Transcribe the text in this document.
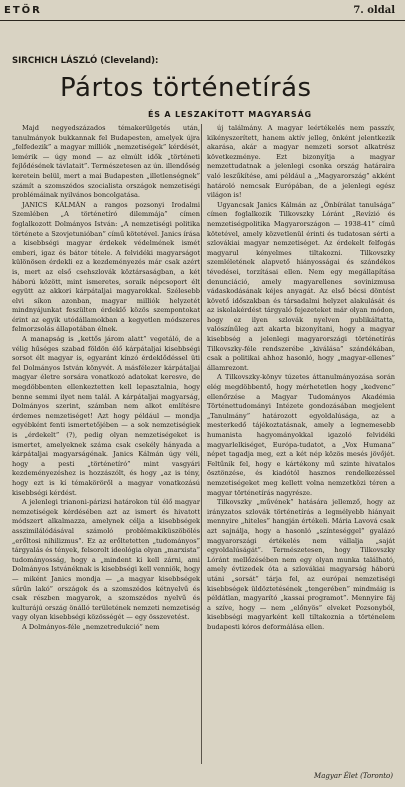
ETÖR	7. oldal
SIRCHICH LÁSZLÓ (Cleveland):
Pártos történetírás
ÉS A LESZAKÍTOTT MAGYARSÁG

Majd negyedszázados témakerülgetés után, tanulmányok bukkannak fel Budapesten, amelyek újra „felfedezik” a magyar milliók „nemzetiségek” kérdését, lemérik — úgy mond — az elmúlt idők „történeti fejlődésének távlatait”. Természetesen az ún. illendőség keretein belül, mert a mai Budapesten „illetlenségnek” számít a szomszédos szocialista országok nemzetiségi problémáinak nyilvános boncolgatása.

JANICS KÁLMÁN a rangos pozsonyi Irodalmi Szemlében „A történetíró dilemmája” címen foglalkozott Dolmányos István: „A nemzetiségi politika története a Szovjetunióban” című kötetével. Janics írása a kisebbségi magyar érdekek védelmének ismét emberi, igaz és bátor tétele. A felvidéki magyarságot különösen érdekli ez a kezdeményezés már csak azért is, mert az első csehszlovák köztársaságban, a két háború között, mint ismeretes, soraik népcsoport élt együtt az akkori kárpátaljai magyarokkal. Szélesebb elvi síkon azonban, magyar milliók helyzetét mindnyájunkat feszülten érdeklő közös szempontokat érint az egyik utódállamokban a kegyetlen módszeres felmorzsolás állapotában élnek.

A manapság is „kettős járom alatt” vegetáló, de a vélig hűséges szabad földön élő kárpátaljai kisebbségi sorsot élt magyar is, egyaránt kínzó érdeklődéssel üti fel Dolmányos István könyvét. A másfélezer kárpátaljai magyar életre sorsára vonatkozó adatokat keresve, de megdöbbenten ellenkeztetten kell lepasztalnia, hogy benne semmi ilyet nem talál. A kárpátaljai magyarság, Dolmányos szerint, számban nem alkot említésre érdemes nemzetiséget! Azt hogy például — mondja egyébként fenti ismertetőjében — a sok nemzetiségiek is „érdekelt” (?), pedig olyan nemzetiségeket is ismertet, amelyeknek száma csak csekély hányada a kárpátaljai magyarságénak. Janics Kálmán úgy véli, hogy a pesti „történetíró” mint vasgyári kezdeményezéshez is hozzászólt, és hogy „az is tény, hogy ezt is kí témaköröről a magyar vonatkozású kisebbségi kérdést.

A jelenlegi trianoni-párizsi határokon túl élő magyar nemzetiségek kérdésében azt az ismert és hivatott módszert alkalmazza, amelynek célja a kisebbségek asszimilálódásával számoló problémakiküszöbölés „erőltosi nihilizmus”. Ez az erőltetetten „tudományos” tárgyalás és tények, felsorolt ideológia olyan „marxista” tudományosság, hogy a „mindent ki kell zárni, ami Dolmányos Istvánéknak is kisebbségi kell venniök, hogy — miként Janics mondja — „a magyar kisebbségek sűrűn lakó” országok és a szomszédos kétnyelvű és csak részben magyarok, a szomszédos nyelvű és kulturájú ország önálló területének nemzeti nemzetiség vagy olyan kisebbségi közösségét — egy összevetést.

A Dolmányos-féle „nemzetredukció” nem

új találmány. A magyar leértékelés nem passzív, kikényszerített, hanem aktív jelleg, önként jelentkezik akarása, akár a magyar nemzeti sorsot alkatrész következménye. Ezt bizonyítja a magyar nemzettudatnak a jelenlegi csonka ország határaira való leszűkítése, ami például a ,,Magyarország” akként határoló nemcsak Európában, de a jelenlegi egész világon is!

Ugyancsak Janics Kálmán az „Önbírálat tanulsága” címen foglalkozik Tilkovszky Lóránt „Revízió és nemzetiségpolitika Magyarországon — 1938-41” című kötetével, amely közvetlenül érinti és tudatosan sérti a szlovákiai magyar nemzetiséget. Az érdekelt felfogás magyarul kényelmes tiltakozni. Tilkovszky szemléletének alapvető hiányosságai és szándékos tévedései, torzításai ellen. Nem egy megállapítása denunciáció, amely magyarellenes sovinizmusa vádaskodásának kéjes anyagát. Az első bécsi döntést követő időszakban és társadalmi helyzet alakulását és az iskolakérdést tárgyaló fejezeteket már olyan módon, hogy ez ilyen szlovák nyelven publikáltatta, valószínűleg azt akarta bizonyítani, hogy a magyar kisebbség a jelenlegi magyarországi történetírás Tilkovszky-féle rendszerébe „kiválása” szándékában, csak a politikai ahhoz hasonló, hogy „magyar-ellenes” államrezont.

A Tilkovszky-könyv túzetes áttanulmányozása során elég megdöbbentő, hogy mérhetetlen hogy „kedvenc” ellenőrzése a Magyar Tudományos Akadémia Történettudományi Intézete gondozásában megjelent „Tanulmány” határozott egyoldalúsága, az a mesterkedő tájékoztatásnak, amely a legnemesebb humanista hagyományokkal igazoló felvidéki magyarlelkiséget, Európa-tudatot, a „Vox Humana” népet tagadja meg, ezt a két nép közös mesés jövőjét. Feltűnik fel, hogy e kártékony mű szinte hivatalos ösztönzése, és kiadótól hasznos rendelkezéssel nemzetiségeket meg kellett volna nemzetközi téren a magyar történetírás nagyrésze.

Tilkovszky „művének” hatására jellemző, hogy az irányzatos szlovák történetírás a legmélyebb hiányait mennyire „hiteles” hangján értékeli. Mária Lavová csak azt sajnálja, hogy a hasonló „színteséggel” gyalázó magyarországi értékelés nem vállalja „saját egyoldalúságát”. Természetesen, hogy Tilkovszky Lóránt mellőzésében nem egy olyan munka található, amely évtizedek óta a szlovákiai magyarság háború utáni „sorsát” tárja fel, az európai nemzetiségi kisebbségek üldöztetésének „tengerében” mindmáig is példátlan, magyarító „kassai programot”. Mennyire fáj a szíve, hogy — nem „előnyös” elveket Pozsonyból, kisebbségi magyarként kell tiltakoznia a történelem budapesti kóros deformálása ellen.

Magyar Élet (Toronto)
